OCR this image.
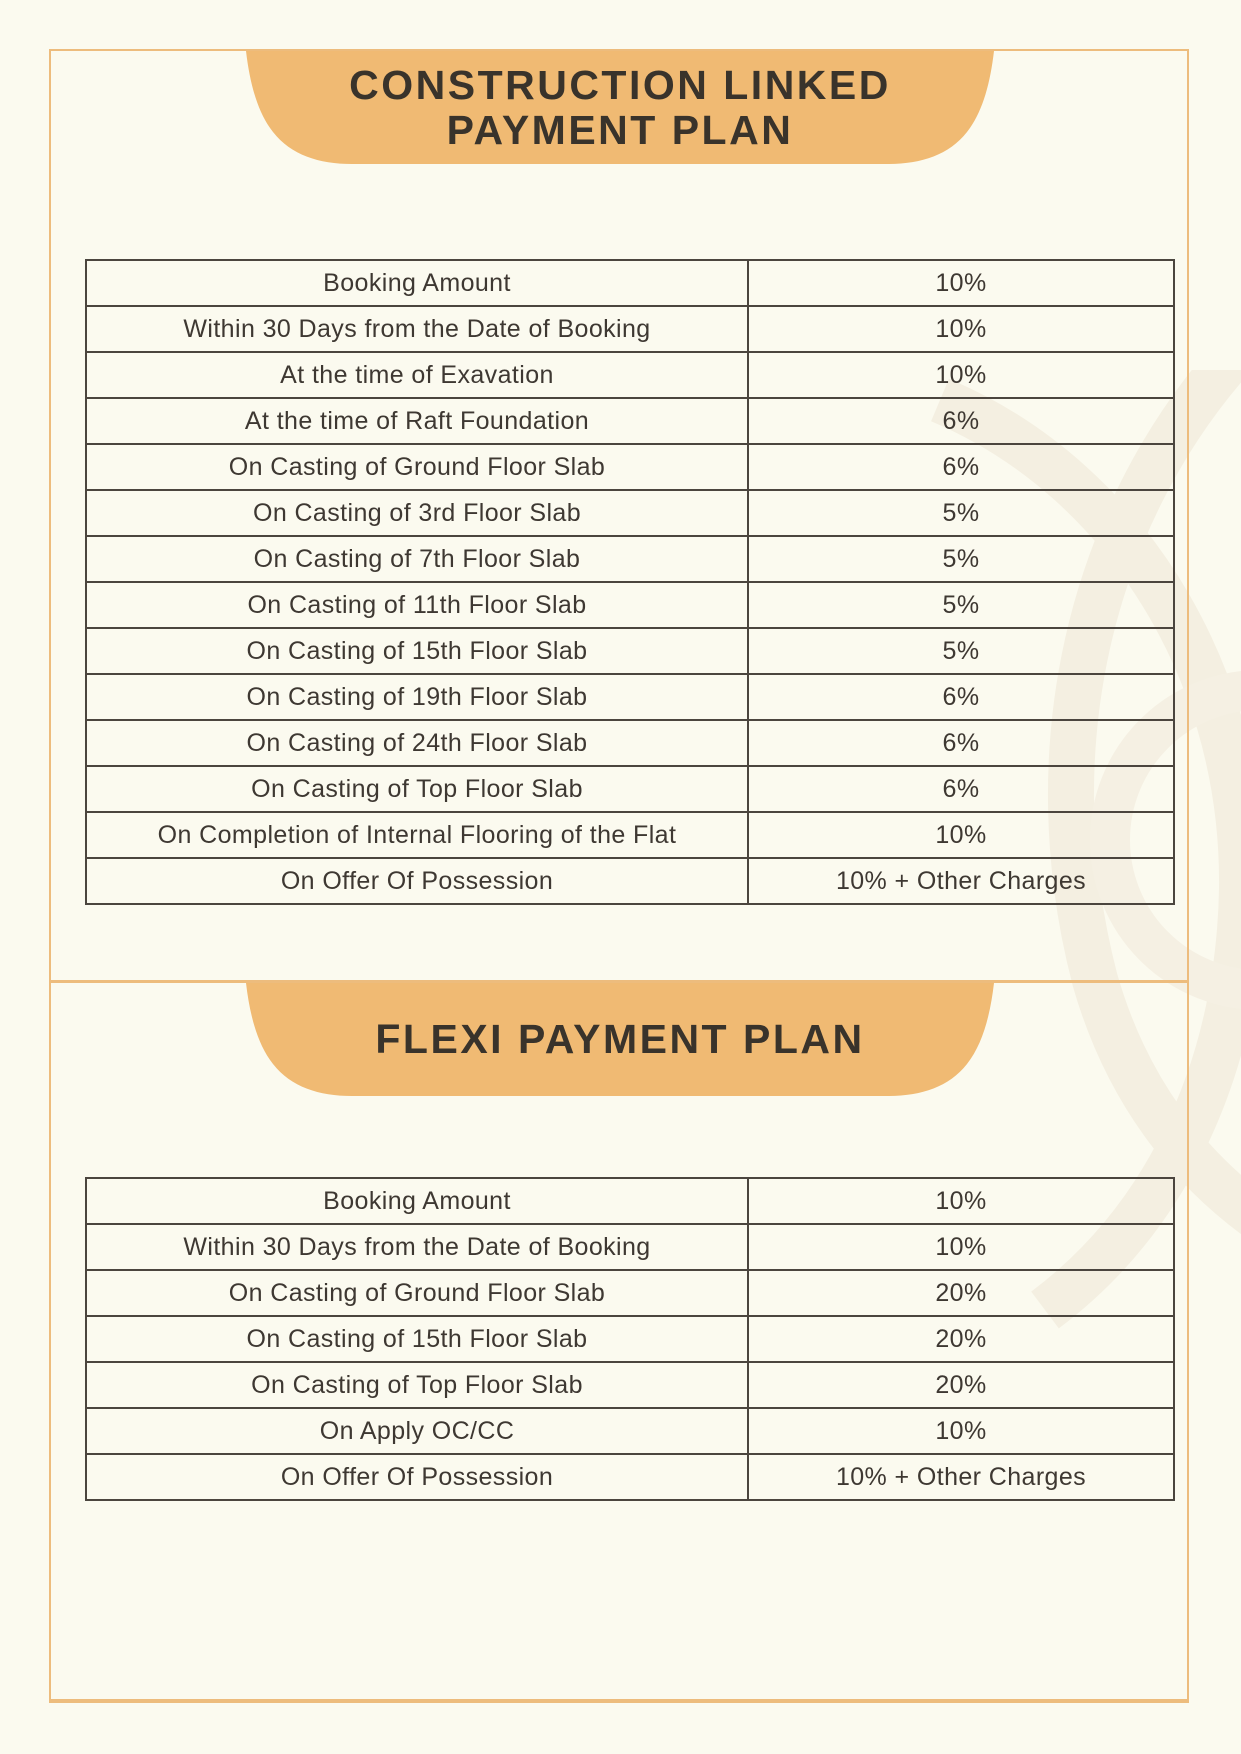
CONSTRUCTION LINKED
PAYMENT PLAN
Booking Amount	10%
Within 30 Days from the Date of Booking	10%
At the time of Exavation	10%
At the time of Raft Foundation	6%
On Casting of Ground Floor Slab	6%
On Casting of 3rd Floor Slab	5%
On Casting of 7th Floor Slab	5%
On Casting of 11th Floor Slab	5%
On Casting of 15th Floor Slab	5%
On Casting of 19th Floor Slab	6%
On Casting of 24th Floor Slab	6%
On Casting of Top Floor Slab	6%
On Completion of Internal Flooring of the Flat	10%
On Offer Of Possession	10% + Other Charges
FLEXI PAYMENT PLAN
Booking Amount	10%
Within 30 Days from the Date of Booking	10%
On Casting of Ground Floor Slab	20%
On Casting of 15th Floor Slab	20%
On Casting of Top Floor Slab	20%
On Apply OC/CC	10%
On Offer Of Possession	10% + Other Charges
